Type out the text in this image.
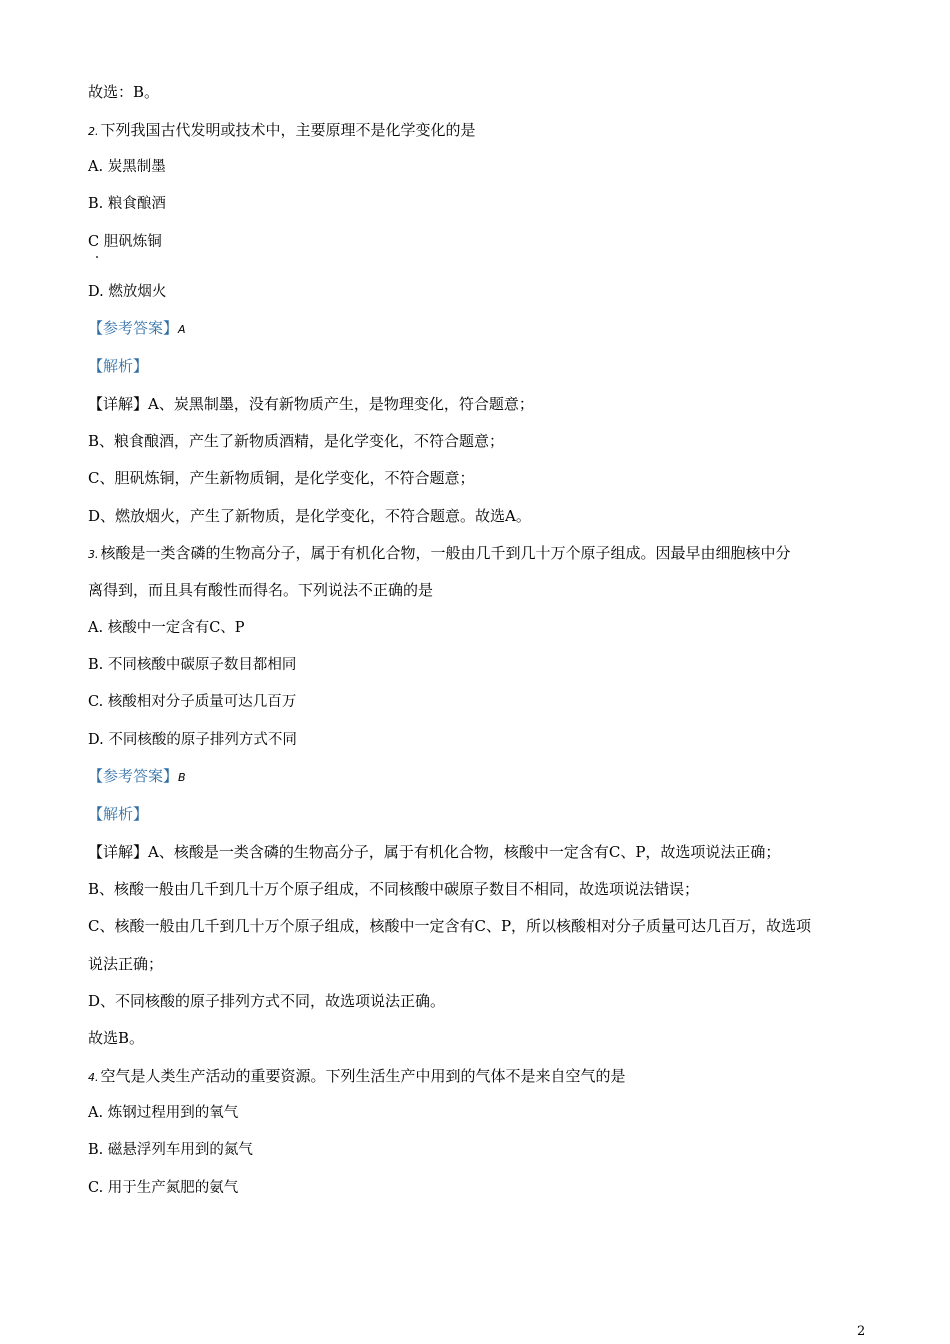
故选：B。
2. 下列我国古代发明或技术中，主要原理不是化学变化的是
A. 炭黑制墨
B. 粮食酿酒
C 胆矾炼铜
D. 燃放烟火
【参考答案】A
【解析】
【详解】A、炭黑制墨，没有新物质产生，是物理变化，符合题意；
B、粮食酿酒，产生了新物质酒精，是化学变化，不符合题意；
C、胆矾炼铜，产生新物质铜，是化学变化，不符合题意；
D、燃放烟火，产生了新物质，是化学变化，不符合题意。故选A。
3. 核酸是一类含磷的生物高分子，属于有机化合物，一般由几千到几十万个原子组成。因最早由细胞核中分
离得到，而且具有酸性而得名。下列说法不正确的是
A. 核酸中一定含有C、P
B. 不同核酸中碳原子数目都相同
C. 核酸相对分子质量可达几百万
D. 不同核酸的原子排列方式不同
【参考答案】B
【解析】
【详解】A、核酸是一类含磷的生物高分子，属于有机化合物，核酸中一定含有C、P，故选项说法正确；
B、核酸一般由几千到几十万个原子组成，不同核酸中碳原子数目不相同，故选项说法错误；
C、核酸一般由几千到几十万个原子组成，核酸中一定含有C、P，所以核酸相对分子质量可达几百万，故选项
说法正确；
D、不同核酸的原子排列方式不同，故选项说法正确。
故选B。
4. 空气是人类生产活动的重要资源。下列生活生产中用到的气体不是来自空气的是
A. 炼钢过程用到的氧气
B. 磁悬浮列车用到的氮气
C. 用于生产氮肥的氨气
2
